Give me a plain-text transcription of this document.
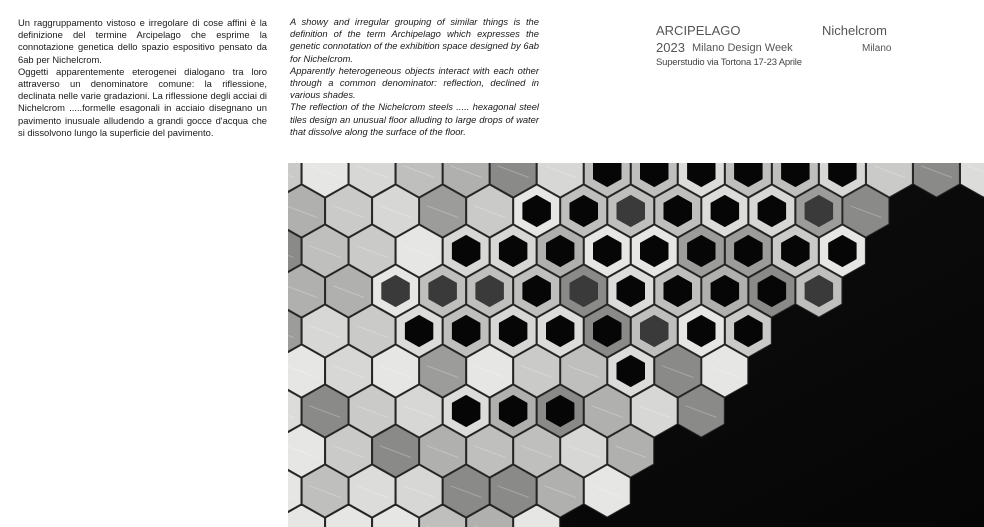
Un raggruppamento vistoso e irregolare di cose affini è la definizione del termine Arcipelago che esprime la connotazione genetica dello spazio espositivo pensato da 6ab per Nichelcrom.

Oggetti apparentemente eterogenei dialogano tra loro attraverso un denominatore comune: la riflessione, declinata nelle varie gradazioni. La riflessione degli acciai di Nichelcrom .....formelle esagonali in acciaio disegnano un pavimento inusuale alludendo a grandi gocce d'acqua che si dissolvono lungo la superficie del pavimento.

A showy and irregular grouping of similar things is the definition of the term Archipelago which expresses the genetic connotation of the exhibition space designed by 6ab for Nichelcrom.

Apparently heterogeneous objects interact with each other through a common denominator: reflection, declined in various shades.

The reflection of the Nichelcrom steels ..... hexagonal steel tiles design an unusual floor alluding to large drops of water that dissolve along the surface of the floor.

ARCIPELAGO	Nichelcrom
2023 Milano Design Week	Milano
Superstudio via Tortona 17-23 Aprile
